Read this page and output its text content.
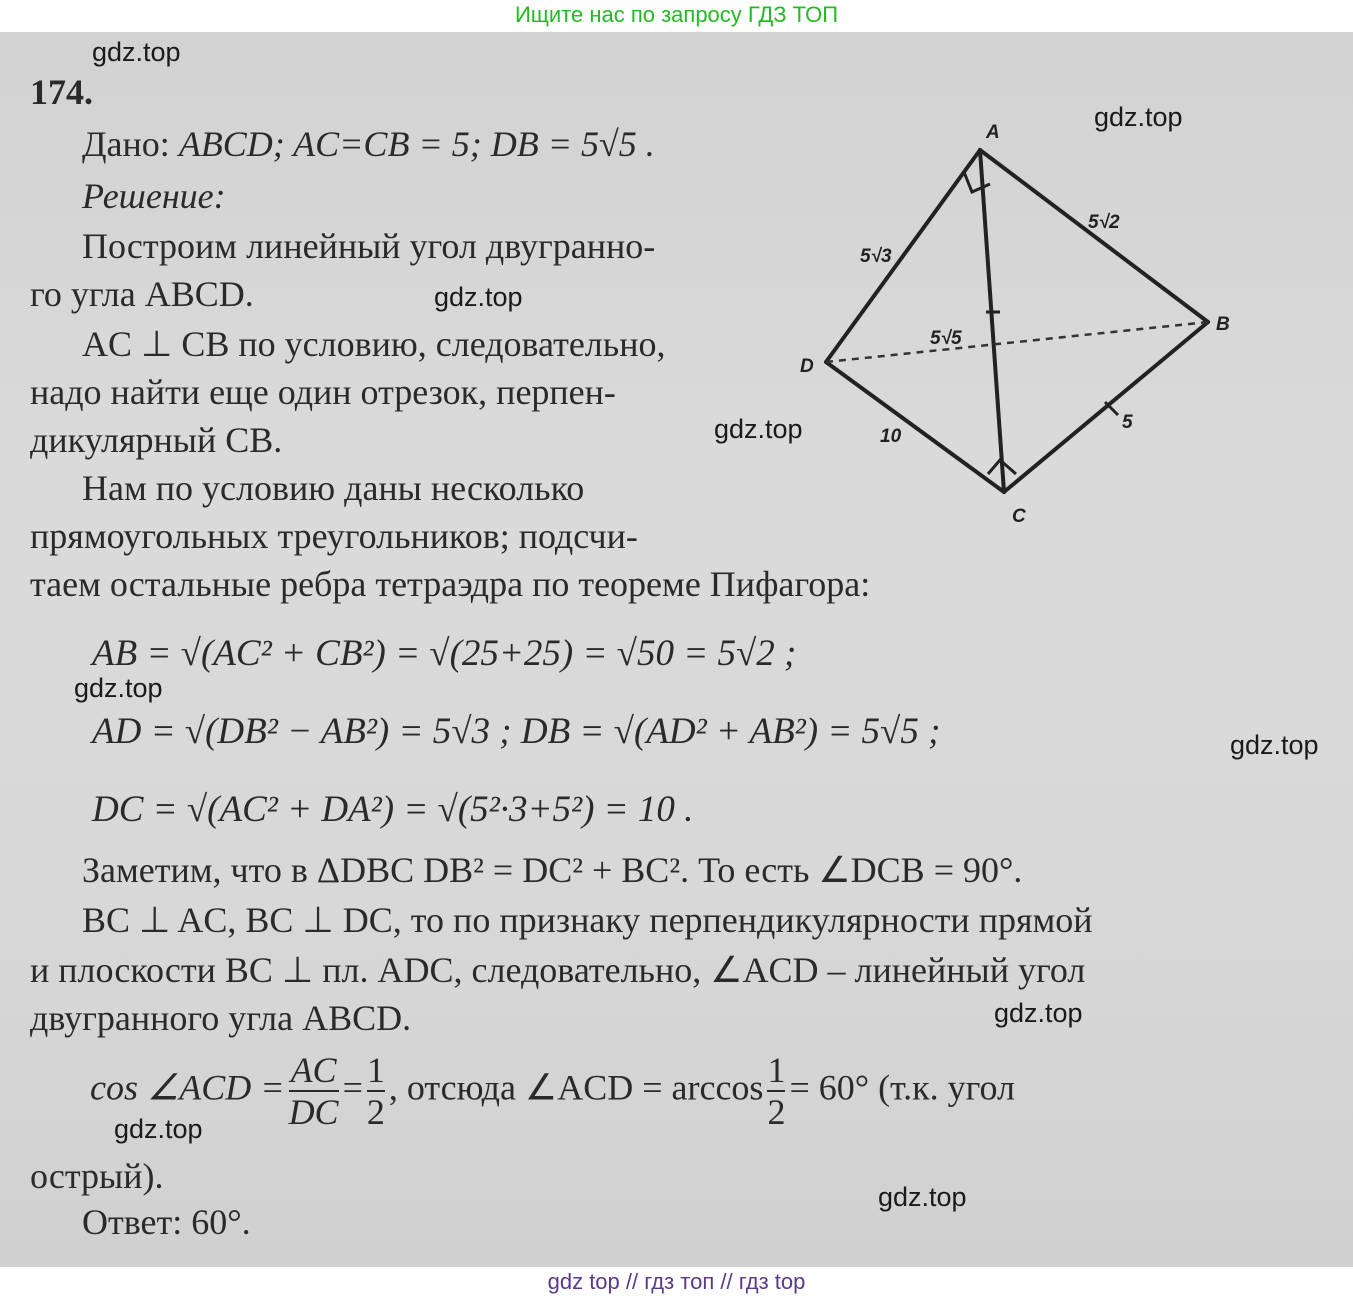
Ищите нас по запросу ГДЗ ТОП
174.
Дано: ABCD; AC=CB = 5; DB = 5√5 .
Решение:
Построим линейный угол двугранно-
го угла ABCD.
AC ⊥ CB по условию, следовательно,
надо найти еще один отрезок, перпен-
дикулярный CB.
Нам по условию даны несколько
прямоугольных треугольников; подсчи-
таем остальные ребра тетраэдра по теореме Пифагора:
AB = √(AC² + CB²) = √(25+25) = √50 = 5√2 ;
AD = √(DB² − AB²) = 5√3 ; DB = √(AD² + AB²) = 5√5 ;
DC = √(AC² + DA²) = √(5²·3+5²) = 10 .
Заметим, что в ΔDBC DB² = DC² + BC². То есть ∠DCB = 90°.
BC ⊥ AC, BC ⊥ DC, то по признаку перпендикулярности прямой
и плоскости BC ⊥ пл. ADC, следовательно, ∠ACD – линейный угол
двугранного угла ABCD.
cos ∠ACD = $\frac{AC}{DC} = \frac{1}{2}$ , отсюда ∠ACD = $\arccos \frac{1}{2} = 60^\circ$ (т.к. угол
острый).
Ответ: 60°.
A
B
C
D
5√3
5√2
5√5
10
5
gdz.top
gdz.top
gdz.top
gdz.top
gdz.top
gdz.top
gdz.top
gdz.top
gdz.top
gdz top // гдз топ // гдз top
